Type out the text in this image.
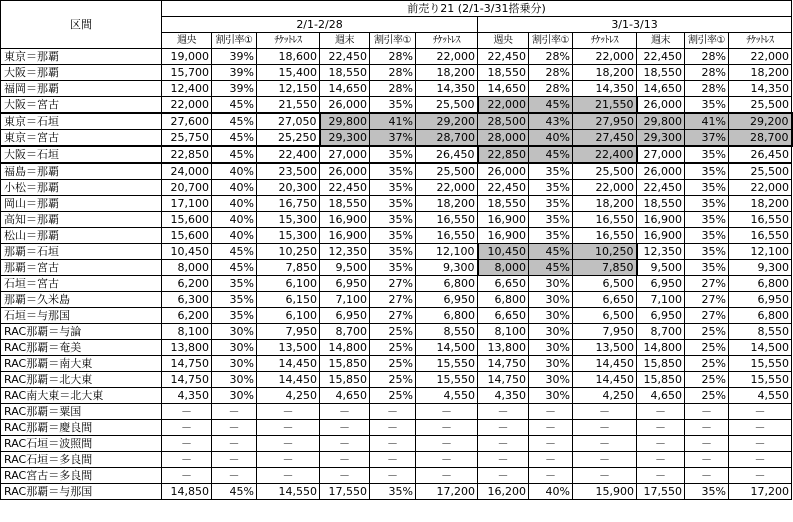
区間	前売り21 (2/1-3/31搭乗分)											
	2/1-2/28						3/1-3/13					
	週央	割引率①	ﾁｹｯﾄﾚｽ	週末	割引率①	ﾁｹｯﾄﾚｽ	週央	割引率①	ﾁｹｯﾄﾚｽ	週末	割引率①	ﾁｹｯﾄﾚｽ
東京＝那覇	19,000	39%	18,600	22,450	28%	22,000	22,450	28%	22,000	22,450	28%	22,000
大阪＝那覇	15,700	39%	15,400	18,550	28%	18,200	18,550	28%	18,200	18,550	28%	18,200
福岡＝那覇	12,400	39%	12,150	14,650	28%	14,350	14,650	28%	14,350	14,650	28%	14,350
大阪＝宮古	22,000	45%	21,550	26,000	35%	25,500	22,000	45%	21,550	26,000	35%	25,500
東京＝石垣	27,600	45%	27,050	29,800	41%	29,200	28,500	43%	27,950	29,800	41%	29,200
東京＝宮古	25,750	45%	25,250	29,300	37%	28,700	28,000	40%	27,450	29,300	37%	28,700
大阪＝石垣	22,850	45%	22,400	27,000	35%	26,450	22,850	45%	22,400	27,000	35%	26,450
福島＝那覇	24,000	40%	23,500	26,000	35%	25,500	26,000	35%	25,500	26,000	35%	25,500
小松＝那覇	20,700	40%	20,300	22,450	35%	22,000	22,450	35%	22,000	22,450	35%	22,000
岡山＝那覇	17,100	40%	16,750	18,550	35%	18,200	18,550	35%	18,200	18,550	35%	18,200
高知＝那覇	15,600	40%	15,300	16,900	35%	16,550	16,900	35%	16,550	16,900	35%	16,550
松山＝那覇	15,600	40%	15,300	16,900	35%	16,550	16,900	35%	16,550	16,900	35%	16,550
那覇＝石垣	10,450	45%	10,250	12,350	35%	12,100	10,450	45%	10,250	12,350	35%	12,100
那覇＝宮古	8,000	45%	7,850	9,500	35%	9,300	8,000	45%	7,850	9,500	35%	9,300
石垣＝宮古	6,200	35%	6,100	6,950	27%	6,800	6,650	30%	6,500	6,950	27%	6,800
那覇＝久米島	6,300	35%	6,150	7,100	27%	6,950	6,800	30%	6,650	7,100	27%	6,950
石垣＝与那国	6,200	35%	6,100	6,950	27%	6,800	6,650	30%	6,500	6,950	27%	6,800
RAC那覇＝与論	8,100	30%	7,950	8,700	25%	8,550	8,100	30%	7,950	8,700	25%	8,550
RAC那覇＝奄美	13,800	30%	13,500	14,800	25%	14,500	13,800	30%	13,500	14,800	25%	14,500
RAC那覇＝南大東	14,750	30%	14,450	15,850	25%	15,550	14,750	30%	14,450	15,850	25%	15,550
RAC那覇＝北大東	14,750	30%	14,450	15,850	25%	15,550	14,750	30%	14,450	15,850	25%	15,550
RAC南大東＝北大東	4,350	30%	4,250	4,650	25%	4,550	4,350	30%	4,250	4,650	25%	4,550
RAC那覇＝粟国	－	－	－	－	－	－	－	－	－	－	－	－
RAC那覇＝慶良間	－	－	－	－	－	－	－	－	－	－	－	－
RAC石垣＝波照間	－	－	－	－	－	－	－	－	－	－	－	－
RAC石垣＝多良間	－	－	－	－	－	－	－	－	－	－	－	－
RAC宮古＝多良間	－	－	－	－	－	－	－	－	－	－	－	－
RAC那覇＝与那国	14,850	45%	14,550	17,550	35%	17,200	16,200	40%	15,900	17,550	35%	17,200
